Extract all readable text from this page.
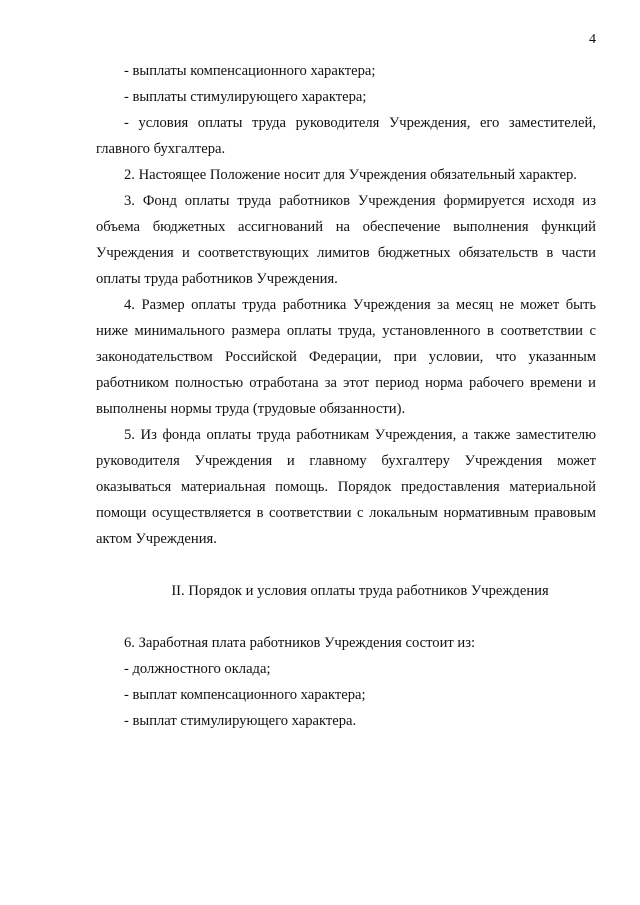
4

- выплаты компенсационного характера;

- выплаты стимулирующего характера;

- условия оплаты труда руководителя Учреждения, его заместителей, главного бухгалтера.

2. Настоящее Положение носит для Учреждения обязательный характер.

3. Фонд оплаты труда работников Учреждения формируется исходя из объема бюджетных ассигнований на обеспечение выполнения функций Учреждения и соответствующих лимитов бюджетных обязательств в части оплаты труда работников Учреждения.

4. Размер оплаты труда работника Учреждения за месяц не может быть ниже минимального размера оплаты труда, установленного в соответствии с законодательством Российской Федерации, при условии, что указанным работником полностью отработана за этот период норма рабочего времени и выполнены нормы труда (трудовые обязанности).

5. Из фонда оплаты труда работникам Учреждения, а также заместителю руководителя Учреждения и главному бухгалтеру Учреждения может оказываться материальная помощь. Порядок предоставления материальной помощи осуществляется в соответствии с локальным нормативным правовым актом Учреждения.

II. Порядок и условия оплаты труда работников Учреждения

6. Заработная плата работников Учреждения состоит из:

- должностного оклада;

- выплат компенсационного характера;

- выплат стимулирующего характера.
